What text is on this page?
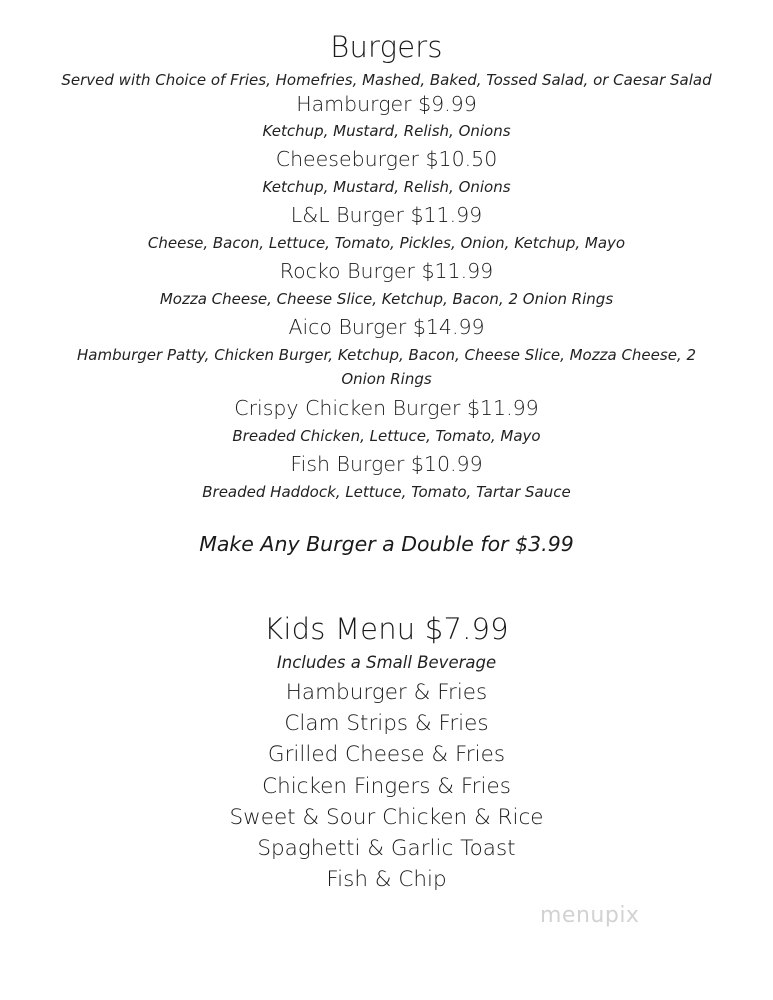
Burgers
Served with Choice of Fries, Homefries, Mashed, Baked, Tossed Salad, or Caesar Salad
Hamburger $9.99
Ketchup, Mustard, Relish, Onions
Cheeseburger $10.50
Ketchup, Mustard, Relish, Onions
L&L Burger $11.99
Cheese, Bacon, Lettuce, Tomato, Pickles, Onion, Ketchup, Mayo
Rocko Burger $11.99
Mozza Cheese, Cheese Slice, Ketchup, Bacon, 2 Onion Rings
Aico Burger $14.99
Hamburger Patty, Chicken Burger, Ketchup, Bacon, Cheese Slice, Mozza Cheese, 2
Onion Rings
Crispy Chicken Burger $11.99
Breaded Chicken, Lettuce, Tomato, Mayo
Fish Burger $10.99
Breaded Haddock, Lettuce, Tomato, Tartar Sauce
Make Any Burger a Double for $3.99
Kids Menu $7.99
Includes a Small Beverage
Hamburger & Fries
Clam Strips & Fries
Grilled Cheese & Fries
Chicken Fingers & Fries
Sweet & Sour Chicken & Rice
Spaghetti & Garlic Toast
Fish & Chip
menupix
